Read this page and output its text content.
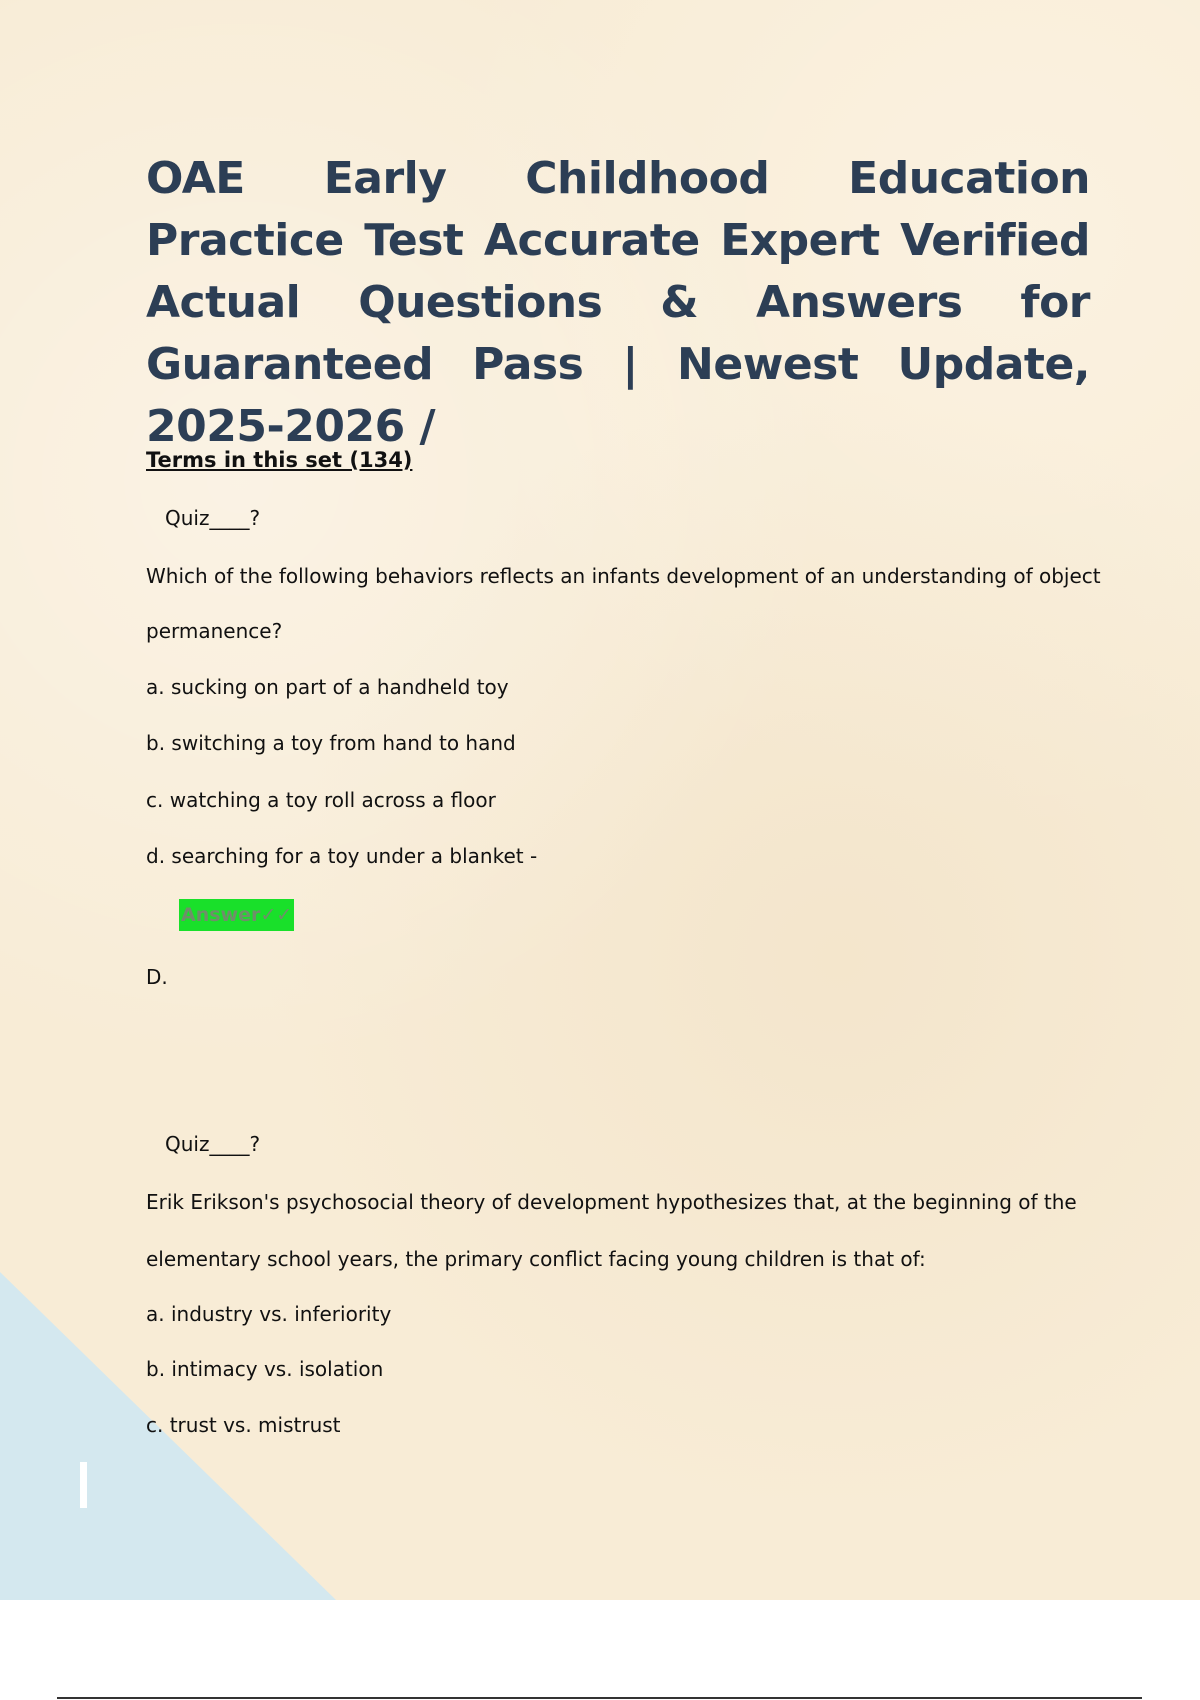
OAE Early Childhood Education Practice Test Accurate Expert Verified Actual Questions & Answers for Guaranteed Pass | Newest Update, 2025-2026 /
Terms in this set (134)
Quiz____?
Which of the following behaviors reflects an infants development of an understanding of object
permanence?
a. sucking on part of a handheld toy
b. switching a toy from hand to hand
c. watching a toy roll across a floor
d. searching for a toy under a blanket -
Answer✓✓
D.
Quiz____?
Erik Erikson's psychosocial theory of development hypothesizes that, at the beginning of the
elementary school years, the primary conflict facing young children is that of:
a. industry vs. inferiority
b. intimacy vs. isolation
c. trust vs. mistrust
